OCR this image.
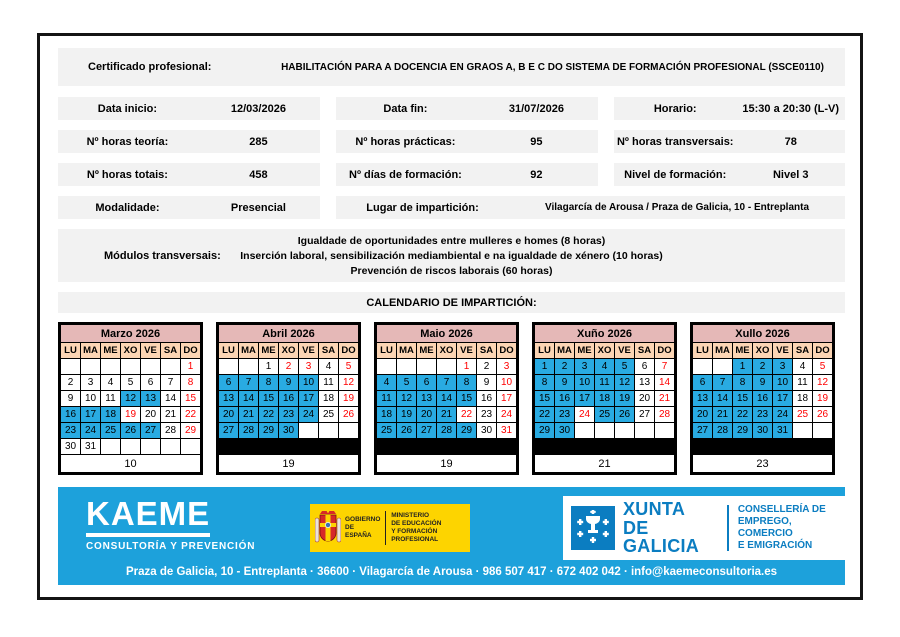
Certificado profesional:	HABILITACIÓN PARA A DOCENCIA EN GRAOS A, B E C DO SISTEMA DE FORMACIÓN PROFESIONAL (SSCE0110)
Data inicio:	12/03/2026	Data fin:	31/07/2026	Horario:	15:30 a 20:30 (L-V)
Nº horas teoría:	285	Nº horas prácticas:	95	Nº horas transversais:	78
Nº horas totais:	458	Nº días de formación:	92	Nivel de formación:	Nivel 3
Modalidade:	Presencial	Lugar de impartición:	Vilagarcía de Arousa / Praza de Galicia, 10 - Entreplanta
Módulos transversais:
Igualdade de oportunidades entre mulleres e homes (8 horas)
Inserción laboral, sensibilización mediambiental e na igualdade de xénero (10 horas)
Prevención de riscos laborais (60 horas)
CALENDARIO DE IMPARTICIÓN:
Marzo 2026						
LU	MA	ME	XO	VE	SA	DO
						1
2	3	4	5	6	7	8
9	10	11	12	13	14	15
16	17	18	19	20	21	22
23	24	25	26	27	28	29
30	31					
10						
Abril 2026						
LU	MA	ME	XO	VE	SA	DO
		1	2	3	4	5
6	7	8	9	10	11	12
13	14	15	16	17	18	19
20	21	22	23	24	25	26
27	28	29	30			

19						
Maio 2026						
LU	MA	ME	XO	VE	SA	DO
				1	2	3
4	5	6	7	8	9	10
11	12	13	14	15	16	17
18	19	20	21	22	23	24
25	26	27	28	29	30	31

19						
Xuño 2026						
LU	MA	ME	XO	VE	SA	DO
1	2	3	4	5	6	7
8	9	10	11	12	13	14
15	16	17	18	19	20	21
22	23	24	25	26	27	28
29	30					

21						
Xullo 2026						
LU	MA	ME	XO	VE	SA	DO
		1	2	3	4	5
6	7	8	9	10	11	12
13	14	15	16	17	18	19
20	21	22	23	24	25	26
27	28	29	30	31		

23						
KAEME
CONSULTORÍA Y PREVENCIÓN
GOBIERNO
DE ESPAÑA
MINISTERIO
DE EDUCACIÓN
Y FORMACIÓN PROFESIONAL
XUNTA
DE GALICIA
CONSELLERÍA DE
EMPREGO, COMERCIO
E EMIGRACIÓN
Praza de Galicia, 10 - Entreplanta · 36600 · Vilagarcía de Arousa · 986 507 417 · 672 402 042 · info@kaemeconsultoria.es
